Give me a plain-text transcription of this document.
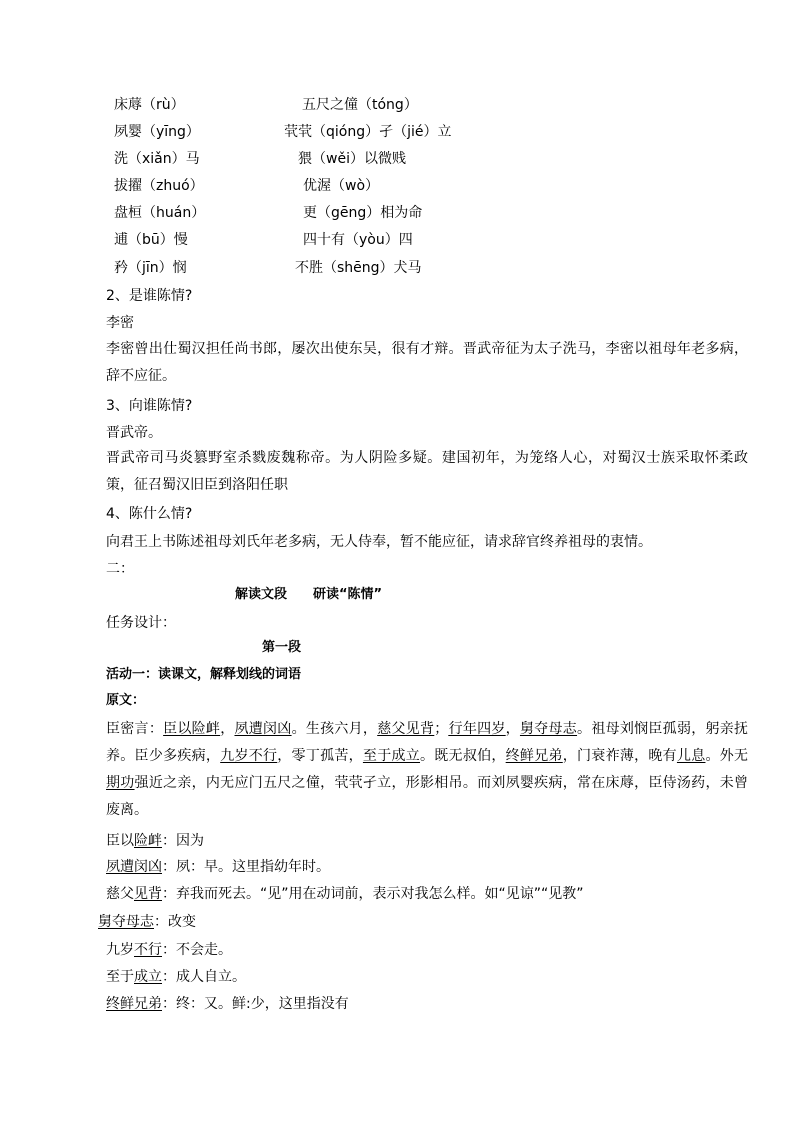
床蓐（rù）	五尺之僮（tóng）
夙婴（yīng）	茕茕（qióng）孑（jié）立
洗（xiǎn）马	猥（wěi）以微贱
拔擢（zhuó）	优渥（wò）
盘桓（huán）	更（gēng）相为命
逋（bū）慢	四十有（yòu）四
矜（jīn）悯	不胜（shēng）犬马
2、是谁陈情?
李密
李密曾出仕蜀汉担任尚书郎，屡次出使东吴，很有才辩。晋武帝征为太子洗马，李密以祖母年老多病，辞不应征。
3、向谁陈情?
晋武帝。
晋武帝司马炎篡野室杀戮废魏称帝。为人阴险多疑。建国初年，为笼络人心，对蜀汉士族采取怀柔政策，征召蜀汉旧臣到洛阳任职
4、陈什么情?
向君王上书陈述祖母刘氏年老多病，无人侍奉，暂不能应征，请求辞官终养祖母的衷情。
二：
解读文段　　研读“陈情”
任务设计：
第一段
活动一：读课文，解释划线的词语
原文：
臣密言：臣以险衅，夙遭闵凶。生孩六月，慈父见背；行年四岁，舅夺母志。祖母刘悯臣孤弱，躬亲抚养。臣少多疾病，九岁不行，零丁孤苦，至于成立。既无叔伯，终鲜兄弟，门衰祚薄，晚有儿息。外无期功强近之亲，内无应门五尺之僮，茕茕孑立，形影相吊。而刘夙婴疾病，常在床蓐，臣侍汤药，未曾废离。
臣以险衅：因为
夙遭闵凶：夙：早。这里指幼年时。
慈父见背：弃我而死去。“见”用在动词前，表示对我怎么样。如“见谅”“见教”
舅夺母志：改变
九岁不行：不会走。
至于成立：成人自立。
终鲜兄弟：终：又。鲜:少，这里指没有
